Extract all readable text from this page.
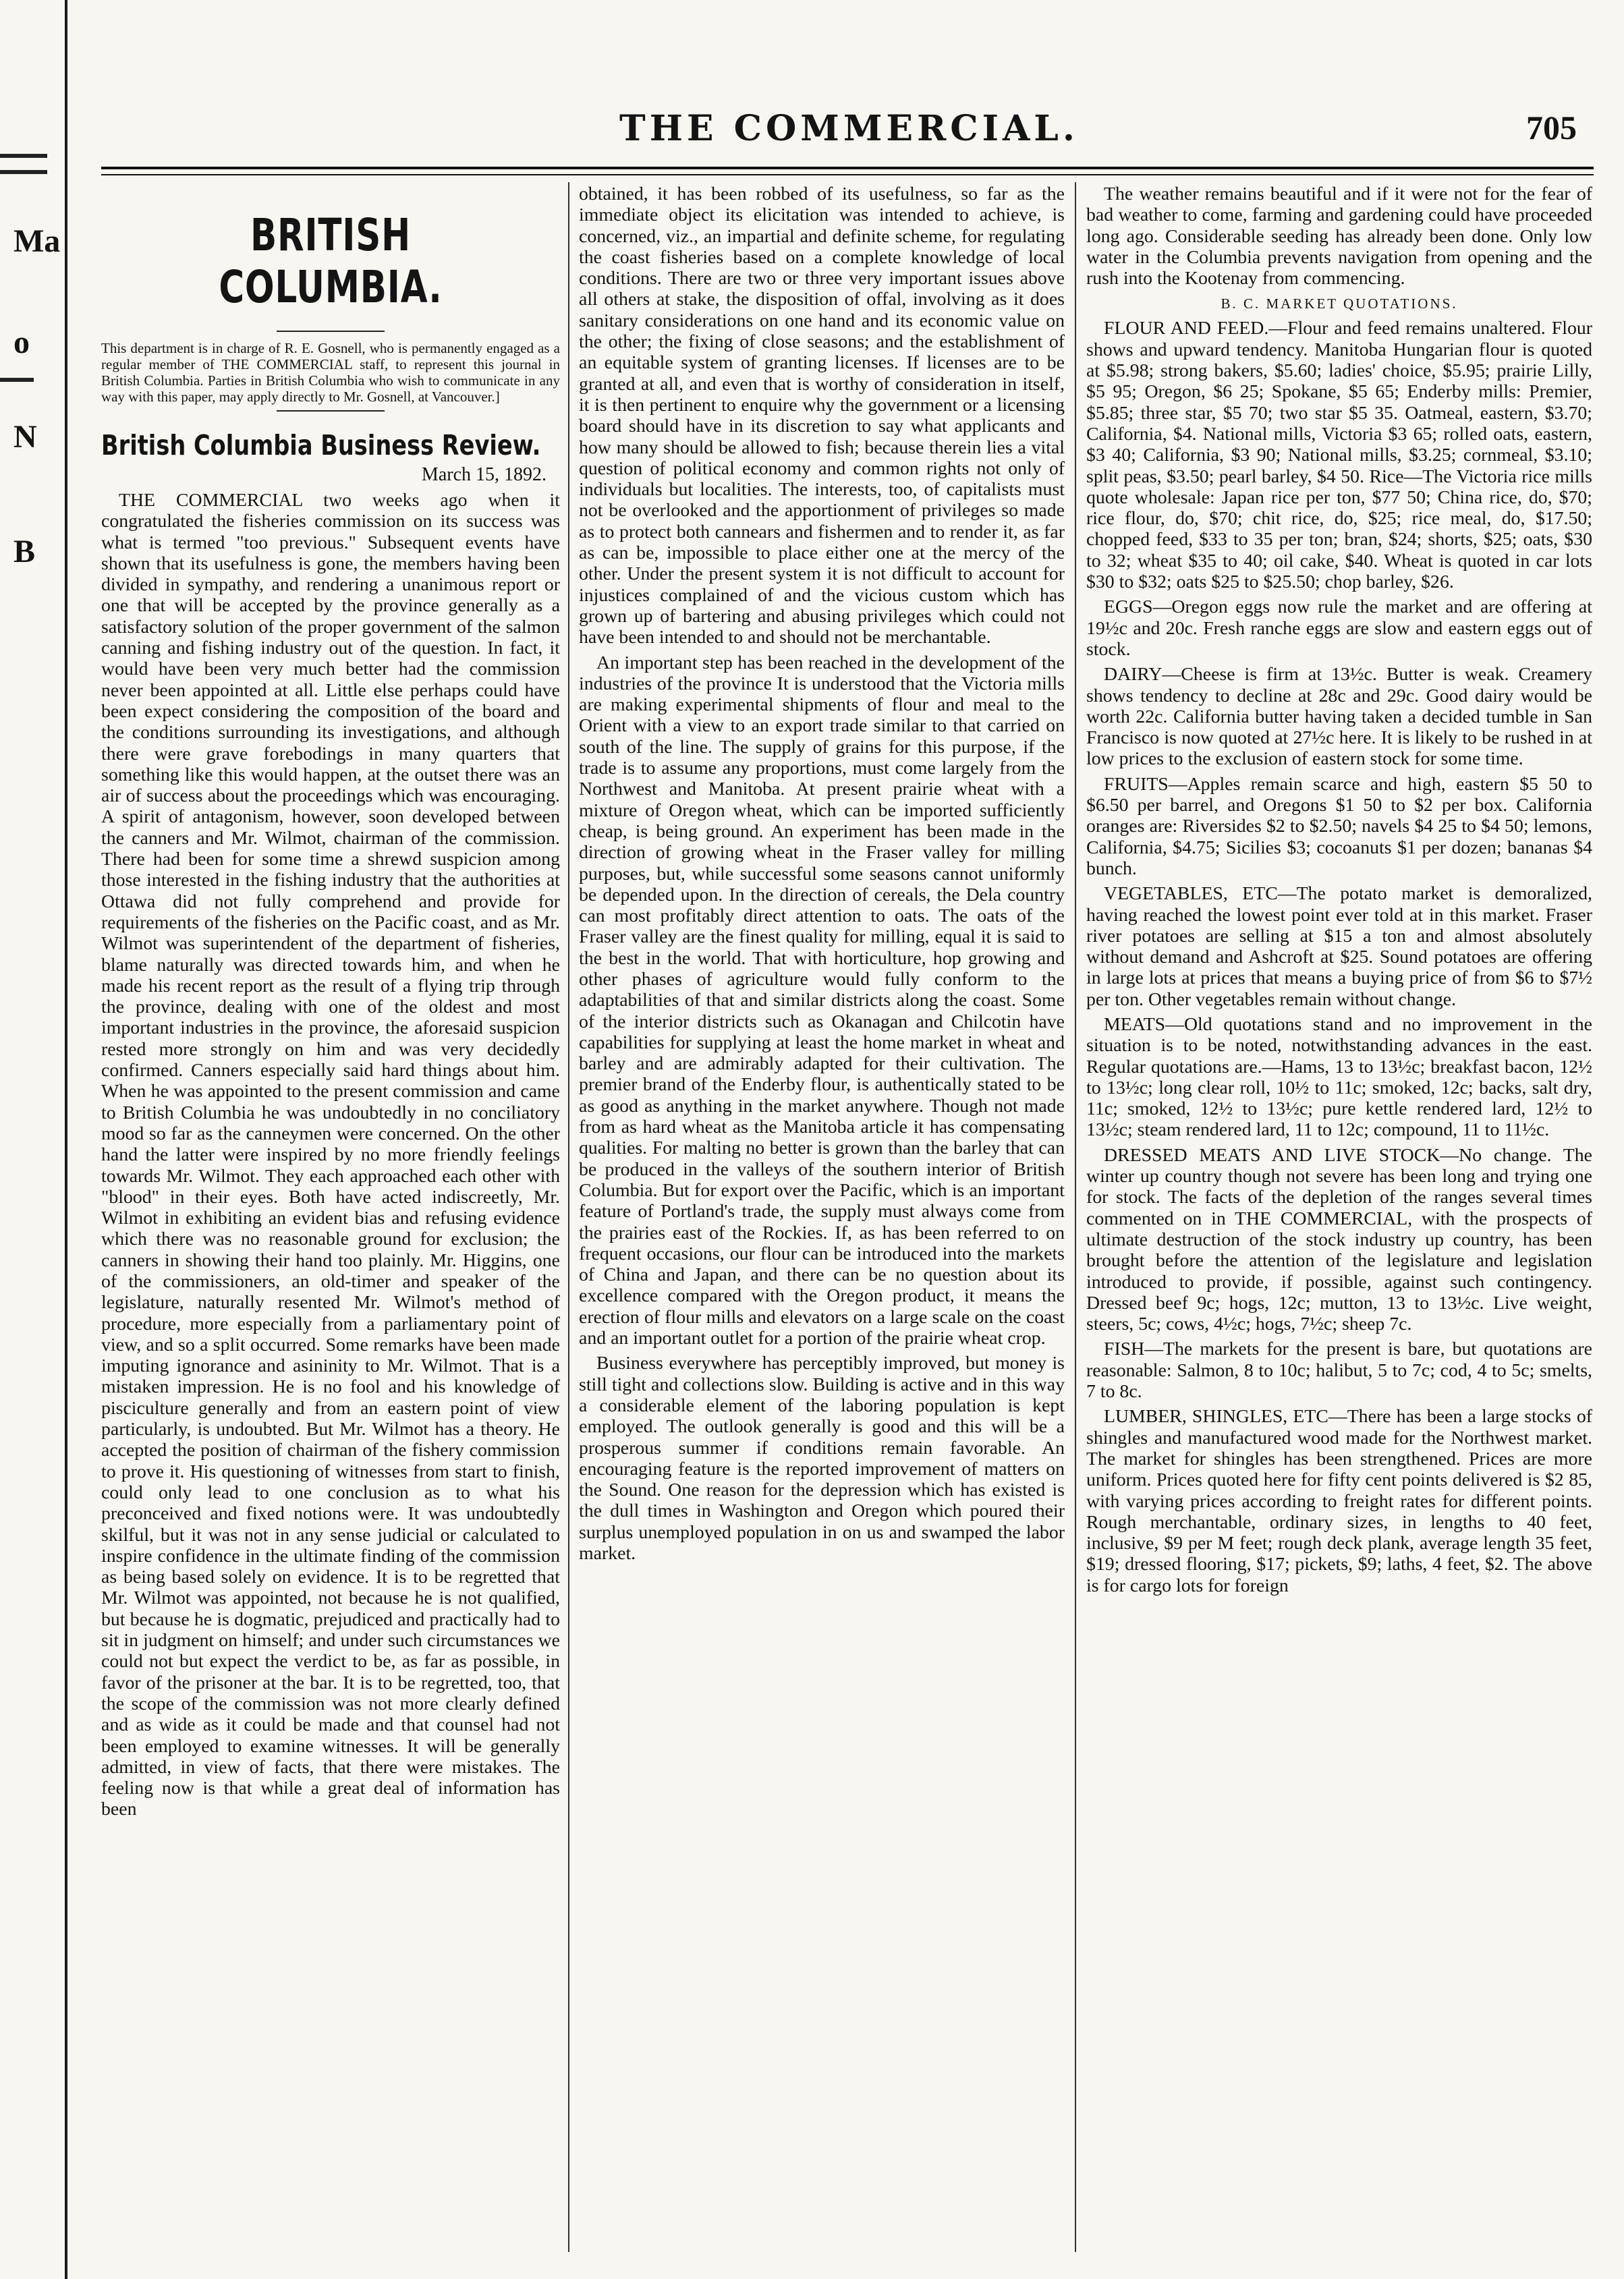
Ma
o
N
B
THE COMMERCIAL.	705
BRITISH COLUMBIA.

This department is in charge of R. E. Gosnell, who is permanently engaged as a regular member of THE COMMERCIAL staff, to represent this journal in British Columbia. Parties in British Columbia who wish to communicate in any way with this paper, may apply directly to Mr. Gosnell, at Vancouver.]

British Columbia Business Review.
March 15, 1892.

THE COMMERCIAL two weeks ago when it congratulated the fisheries commission on its success was what is termed "too previous." Subsequent events have shown that its usefulness is gone, the members having been divided in sympathy, and rendering a unanimous report or one that will be accepted by the province generally as a satisfactory solution of the proper government of the salmon canning and fishing industry out of the question. In fact, it would have been very much better had the commission never been appointed at all. Little else perhaps could have been expect considering the composition of the board and the conditions surrounding its investigations, and although there were grave forebodings in many quarters that something like this would happen, at the outset there was an air of success about the proceedings which was encouraging. A spirit of antagonism, however, soon developed between the canners and Mr. Wilmot, chairman of the commission. There had been for some time a shrewd suspicion among those interested in the fishing industry that the authorities at Ottawa did not fully comprehend and provide for requirements of the fisheries on the Pacific coast, and as Mr. Wilmot was superintendent of the department of fisheries, blame naturally was directed towards him, and when he made his recent report as the result of a flying trip through the province, dealing with one of the oldest and most important industries in the province, the aforesaid suspicion rested more strongly on him and was very decidedly confirmed. Canners especially said hard things about him. When he was appointed to the present commission and came to British Columbia he was undoubtedly in no conciliatory mood so far as the canneymen were concerned. On the other hand the latter were inspired by no more friendly feelings towards Mr. Wilmot. They each approached each other with "blood" in their eyes. Both have acted indiscreetly, Mr. Wilmot in exhibiting an evident bias and refusing evidence which there was no reasonable ground for exclusion; the canners in showing their hand too plainly. Mr. Higgins, one of the commissioners, an old-timer and speaker of the legislature, naturally resented Mr. Wilmot's method of procedure, more especially from a parliamentary point of view, and so a split occurred. Some remarks have been made imputing ignorance and asininity to Mr. Wilmot. That is a mistaken impression. He is no fool and his knowledge of pisciculture generally and from an eastern point of view particularly, is undoubted. But Mr. Wilmot has a theory. He accepted the position of chairman of the fishery commission to prove it. His questioning of witnesses from start to finish, could only lead to one conclusion as to what his preconceived and fixed notions were. It was undoubtedly skilful, but it was not in any sense judicial or calculated to inspire confidence in the ultimate finding of the commission as being based solely on evidence. It is to be regretted that Mr. Wilmot was appointed, not because he is not qualified, but because he is dogmatic, prejudiced and practically had to sit in judgment on himself; and under such circumstances we could not but expect the verdict to be, as far as possible, in favor of the prisoner at the bar. It is to be regretted, too, that the scope of the commission was not more clearly defined and as wide as it could be made and that counsel had not been employed to examine witnesses. It will be generally admitted, in view of facts, that there were mistakes. The feeling now is that while a great deal of information has been

obtained, it has been robbed of its usefulness, so far as the immediate object its elicitation was intended to achieve, is concerned, viz., an impartial and definite scheme, for regulating the coast fisheries based on a complete knowledge of local conditions. There are two or three very important issues above all others at stake, the disposition of offal, involving as it does sanitary considerations on one hand and its economic value on the other; the fixing of close seasons; and the establishment of an equitable system of granting licenses. If licenses are to be granted at all, and even that is worthy of consideration in itself, it is then pertinent to enquire why the government or a licensing board should have in its discretion to say what applicants and how many should be allowed to fish; because therein lies a vital question of political economy and common rights not only of individuals but localities. The interests, too, of capitalists must not be overlooked and the apportionment of privileges so made as to protect both cannears and fishermen and to render it, as far as can be, impossible to place either one at the mercy of the other. Under the present system it is not difficult to account for injustices complained of and the vicious custom which has grown up of bartering and abusing privileges which could not have been intended to and should not be merchantable.

An important step has been reached in the development of the industries of the province It is understood that the Victoria mills are making experimental shipments of flour and meal to the Orient with a view to an export trade similar to that carried on south of the line. The supply of grains for this purpose, if the trade is to assume any proportions, must come largely from the Northwest and Manitoba. At present prairie wheat with a mixture of Oregon wheat, which can be imported sufficiently cheap, is being ground. An experiment has been made in the direction of growing wheat in the Fraser valley for milling purposes, but, while successful some seasons cannot uniformly be depended upon. In the direction of cereals, the Dela country can most profitably direct attention to oats. The oats of the Fraser valley are the finest quality for milling, equal it is said to the best in the world. That with horticulture, hop growing and other phases of agriculture would fully conform to the adaptabilities of that and similar districts along the coast. Some of the interior districts such as Okanagan and Chilcotin have capabilities for supplying at least the home market in wheat and barley and are admirably adapted for their cultivation. The premier brand of the Enderby flour, is authentically stated to be as good as anything in the market anywhere. Though not made from as hard wheat as the Manitoba article it has compensating qualities. For malting no better is grown than the barley that can be produced in the valleys of the southern interior of British Columbia. But for export over the Pacific, which is an important feature of Portland's trade, the supply must always come from the prairies east of the Rockies. If, as has been referred to on frequent occasions, our flour can be introduced into the markets of China and Japan, and there can be no question about its excellence compared with the Oregon product, it means the erection of flour mills and elevators on a large scale on the coast and an important outlet for a portion of the prairie wheat crop.

Business everywhere has perceptibly improved, but money is still tight and collections slow. Building is active and in this way a considerable element of the laboring population is kept employed. The outlook generally is good and this will be a prosperous summer if conditions remain favorable. An encouraging feature is the reported improvement of matters on the Sound. One reason for the depression which has existed is the dull times in Washington and Oregon which poured their surplus unemployed population in on us and swamped the labor market.

The weather remains beautiful and if it were not for the fear of bad weather to come, farming and gardening could have proceeded long ago. Considerable seeding has already been done. Only low water in the Columbia prevents navigation from opening and the rush into the Kootenay from commencing.

B. C. MARKET QUOTATIONS.

FLOUR AND FEED.—Flour and feed remains unaltered. Flour shows and upward tendency. Manitoba Hungarian flour is quoted at $5.98; strong bakers, $5.60; ladies' choice, $5.95; prairie Lilly, $5 95; Oregon, $6 25; Spokane, $5 65; Enderby mills: Premier, $5.85; three star, $5 70; two star $5 35. Oatmeal, eastern, $3.70; California, $4. National mills, Victoria $3 65; rolled oats, eastern, $3 40; California, $3 90; National mills, $3.25; cornmeal, $3.10; split peas, $3.50; pearl barley, $4 50. Rice—The Victoria rice mills quote wholesale: Japan rice per ton, $77 50; China rice, do, $70; rice flour, do, $70; chit rice, do, $25; rice meal, do, $17.50; chopped feed, $33 to 35 per ton; bran, $24; shorts, $25; oats, $30 to 32; wheat $35 to 40; oil cake, $40. Wheat is quoted in car lots $30 to $32; oats $25 to $25.50; chop barley, $26.

EGGS—Oregon eggs now rule the market and are offering at 19½c and 20c. Fresh ranche eggs are slow and eastern eggs out of stock.

DAIRY—Cheese is firm at 13½c. Butter is weak. Creamery shows tendency to decline at 28c and 29c. Good dairy would be worth 22c. California butter having taken a decided tumble in San Francisco is now quoted at 27½c here. It is likely to be rushed in at low prices to the exclusion of eastern stock for some time.

FRUITS—Apples remain scarce and high, eastern $5 50 to $6.50 per barrel, and Oregons $1 50 to $2 per box. California oranges are: Riversides $2 to $2.50; navels $4 25 to $4 50; lemons, California, $4.75; Sicilies $3; cocoanuts $1 per dozen; bananas $4 bunch.

VEGETABLES, ETC—The potato market is demoralized, having reached the lowest point ever told at in this market. Fraser river potatoes are selling at $15 a ton and almost absolutely without demand and Ashcroft at $25. Sound potatoes are offering in large lots at prices that means a buying price of from $6 to $7½ per ton. Other vegetables remain without change.

MEATS—Old quotations stand and no improvement in the situation is to be noted, notwithstanding advances in the east. Regular quotations are.—Hams, 13 to 13½c; breakfast bacon, 12½ to 13½c; long clear roll, 10½ to 11c; smoked, 12c; backs, salt dry, 11c; smoked, 12½ to 13½c; pure kettle rendered lard, 12½ to 13½c; steam rendered lard, 11 to 12c; compound, 11 to 11½c.

DRESSED MEATS AND LIVE STOCK—No change. The winter up country though not severe has been long and trying one for stock. The facts of the depletion of the ranges several times commented on in THE COMMERCIAL, with the prospects of ultimate destruction of the stock industry up country, has been brought before the attention of the legislature and legislation introduced to provide, if possible, against such contingency. Dressed beef 9c; hogs, 12c; mutton, 13 to 13½c. Live weight, steers, 5c; cows, 4½c; hogs, 7½c; sheep 7c.

FISH—The markets for the present is bare, but quotations are reasonable: Salmon, 8 to 10c; halibut, 5 to 7c; cod, 4 to 5c; smelts, 7 to 8c.

LUMBER, SHINGLES, ETC—There has been a large stocks of shingles and manufactured wood made for the Northwest market. The market for shingles has been strengthened. Prices are more uniform. Prices quoted here for fifty cent points delivered is $2 85, with varying prices according to freight rates for different points. Rough merchantable, ordinary sizes, in lengths to 40 feet, inclusive, $9 per M feet; rough deck plank, average length 35 feet, $19; dressed flooring, $17; pickets, $9; laths, 4 feet, $2. The above is for cargo lots for foreign
